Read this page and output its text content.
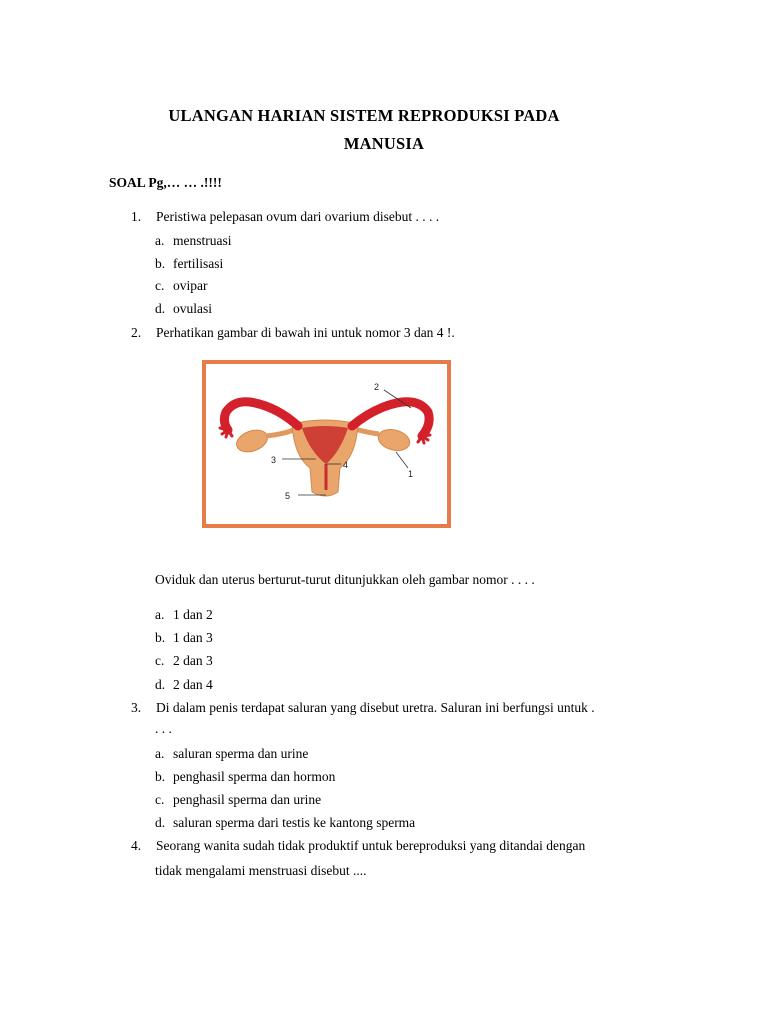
ULANGAN HARIAN SISTEM REPRODUKSI PADA
MANUSIA
SOAL Pg,… … .!!!!
1. Peristiwa pelepasan ovum dari ovarium disebut . . . .
a. menstruasi
b. fertilisasi
c. ovipar
d. ovulasi
2. Perhatikan gambar di bawah ini untuk nomor 3 dan 4 !.
2
1
3	4
5
Oviduk dan uterus berturut-turut ditunjukkan oleh gambar nomor . . . .
a. 1 dan 2
b. 1 dan 3
c. 2 dan 3
d. 2 dan 4
3. Di dalam penis terdapat saluran yang disebut uretra. Saluran ini berfungsi untuk .
. . .
a. saluran sperma dan urine
b. penghasil sperma dan hormon
c. penghasil sperma dan urine
d. saluran sperma dari testis ke kantong sperma
4. Seorang wanita sudah tidak produktif untuk bereproduksi yang ditandai dengan
tidak mengalami menstruasi disebut ....
